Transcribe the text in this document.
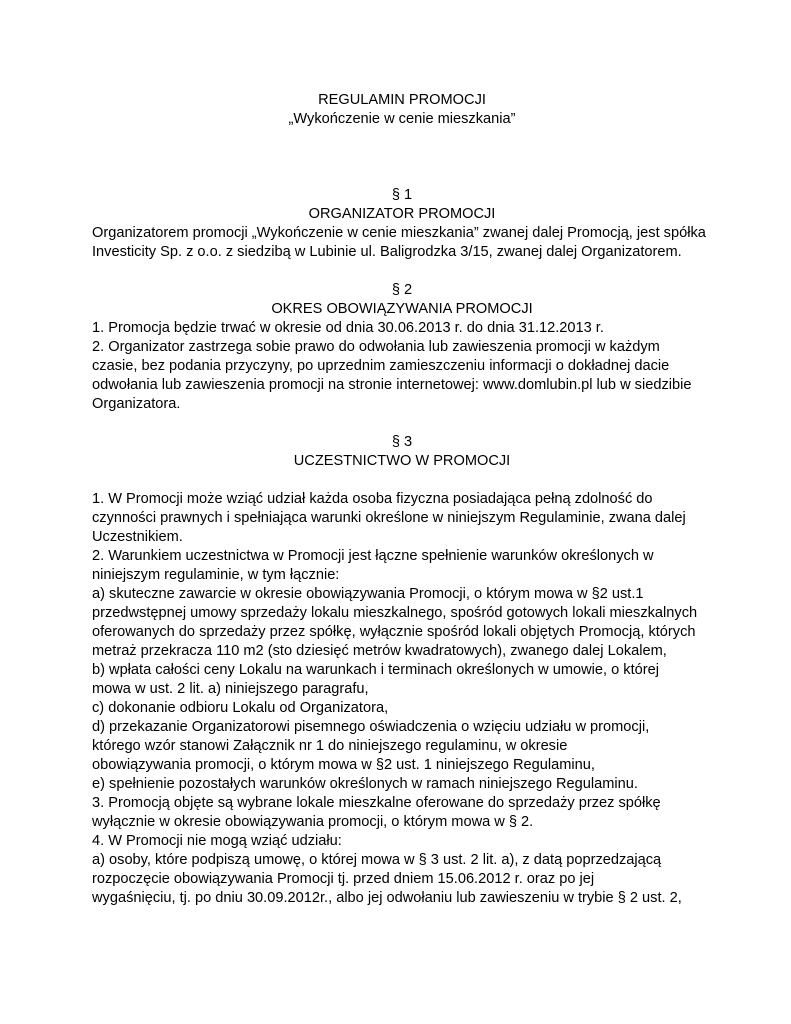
REGULAMIN PROMOCJI
„Wykończenie w cenie mieszkania”
§ 1
ORGANIZATOR PROMOCJI
Organizatorem promocji „Wykończenie w cenie mieszkania” zwanej dalej Promocją, jest spółka
Investicity Sp. z o.o. z siedzibą w Lubinie ul. Baligrodzka 3/15, zwanej dalej Organizatorem.
§ 2
OKRES OBOWIĄZYWANIA PROMOCJI
1. Promocja będzie trwać w okresie od dnia 30.06.2013 r. do dnia 31.12.2013 r.
2. Organizator zastrzega sobie prawo do odwołania lub zawieszenia promocji w każdym
czasie, bez podania przyczyny, po uprzednim zamieszczeniu informacji o dokładnej dacie
odwołania lub zawieszenia promocji na stronie internetowej: www.domlubin.pl lub w siedzibie
Organizatora.
§ 3
UCZESTNICTWO W PROMOCJI
1. W Promocji może wziąć udział każda osoba fizyczna posiadająca pełną zdolność do
czynności prawnych i spełniająca warunki określone w niniejszym Regulaminie, zwana dalej
Uczestnikiem.
2. Warunkiem uczestnictwa w Promocji jest łączne spełnienie warunków określonych w
niniejszym regulaminie, w tym łącznie:
a) skuteczne zawarcie w okresie obowiązywania Promocji, o którym mowa w §2 ust.1
przedwstępnej umowy sprzedaży lokalu mieszkalnego, spośród gotowych lokali mieszkalnych
oferowanych do sprzedaży przez spółkę, wyłącznie spośród lokali objętych Promocją, których
metraż przekracza 110 m2 (sto dziesięć metrów kwadratowych), zwanego dalej Lokalem,
b) wpłata całości ceny Lokalu na warunkach i terminach określonych w umowie, o której
mowa w ust. 2 lit. a) niniejszego paragrafu,
c) dokonanie odbioru Lokalu od Organizatora,
d) przekazanie Organizatorowi pisemnego oświadczenia o wzięciu udziału w promocji,
którego wzór stanowi Załącznik nr 1 do niniejszego regulaminu, w okresie
obowiązywania promocji, o którym mowa w §2 ust. 1 niniejszego Regulaminu,
e) spełnienie pozostałych warunków określonych w ramach niniejszego Regulaminu.
3. Promocją objęte są wybrane lokale mieszkalne oferowane do sprzedaży przez spółkę
wyłącznie w okresie obowiązywania promocji, o którym mowa w § 2.
4. W Promocji nie mogą wziąć udziału:
a) osoby, które podpiszą umowę, o której mowa w § 3 ust. 2 lit. a), z datą poprzedzającą
rozpoczęcie obowiązywania Promocji tj. przed dniem 15.06.2012 r. oraz po jej
wygaśnięciu, tj. po dniu 30.09.2012r., albo jej odwołaniu lub zawieszeniu w trybie § 2 ust. 2,
